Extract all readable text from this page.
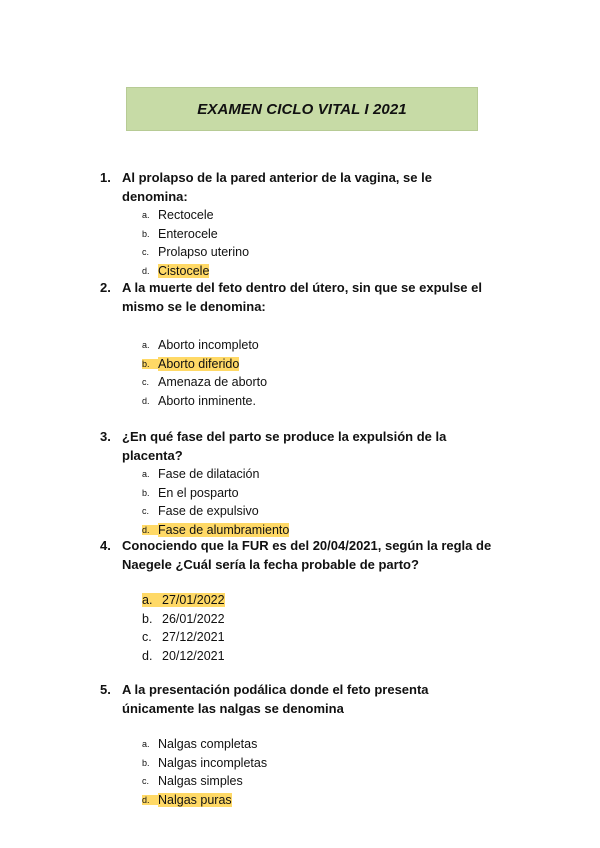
EXAMEN CICLO VITAL I 2021
1. Al prolapso de la pared anterior de la vagina, se le denomina:
a. Rectocele
b. Enterocele
c. Prolapso uterino
d. Cistocele
2. A la muerte del feto dentro del útero, sin que se expulse el mismo se le denomina:
a. Aborto incompleto
b. Aborto diferido
c. Amenaza de aborto
d. Aborto inminente.
3. ¿En qué fase del parto se produce la expulsión de la placenta?
a. Fase de dilatación
b. En el posparto
c. Fase de expulsivo
d. Fase de alumbramiento
4. Conociendo que la FUR es del 20/04/2021, según la regla de Naegele ¿Cuál sería la fecha probable de parto?
a. 27/01/2022
b. 26/01/2022
c. 27/12/2021
d. 20/12/2021
5. A la presentación podálica donde el feto presenta únicamente las nalgas se denomina
a. Nalgas completas
b. Nalgas incompletas
c. Nalgas simples
d. Nalgas puras
